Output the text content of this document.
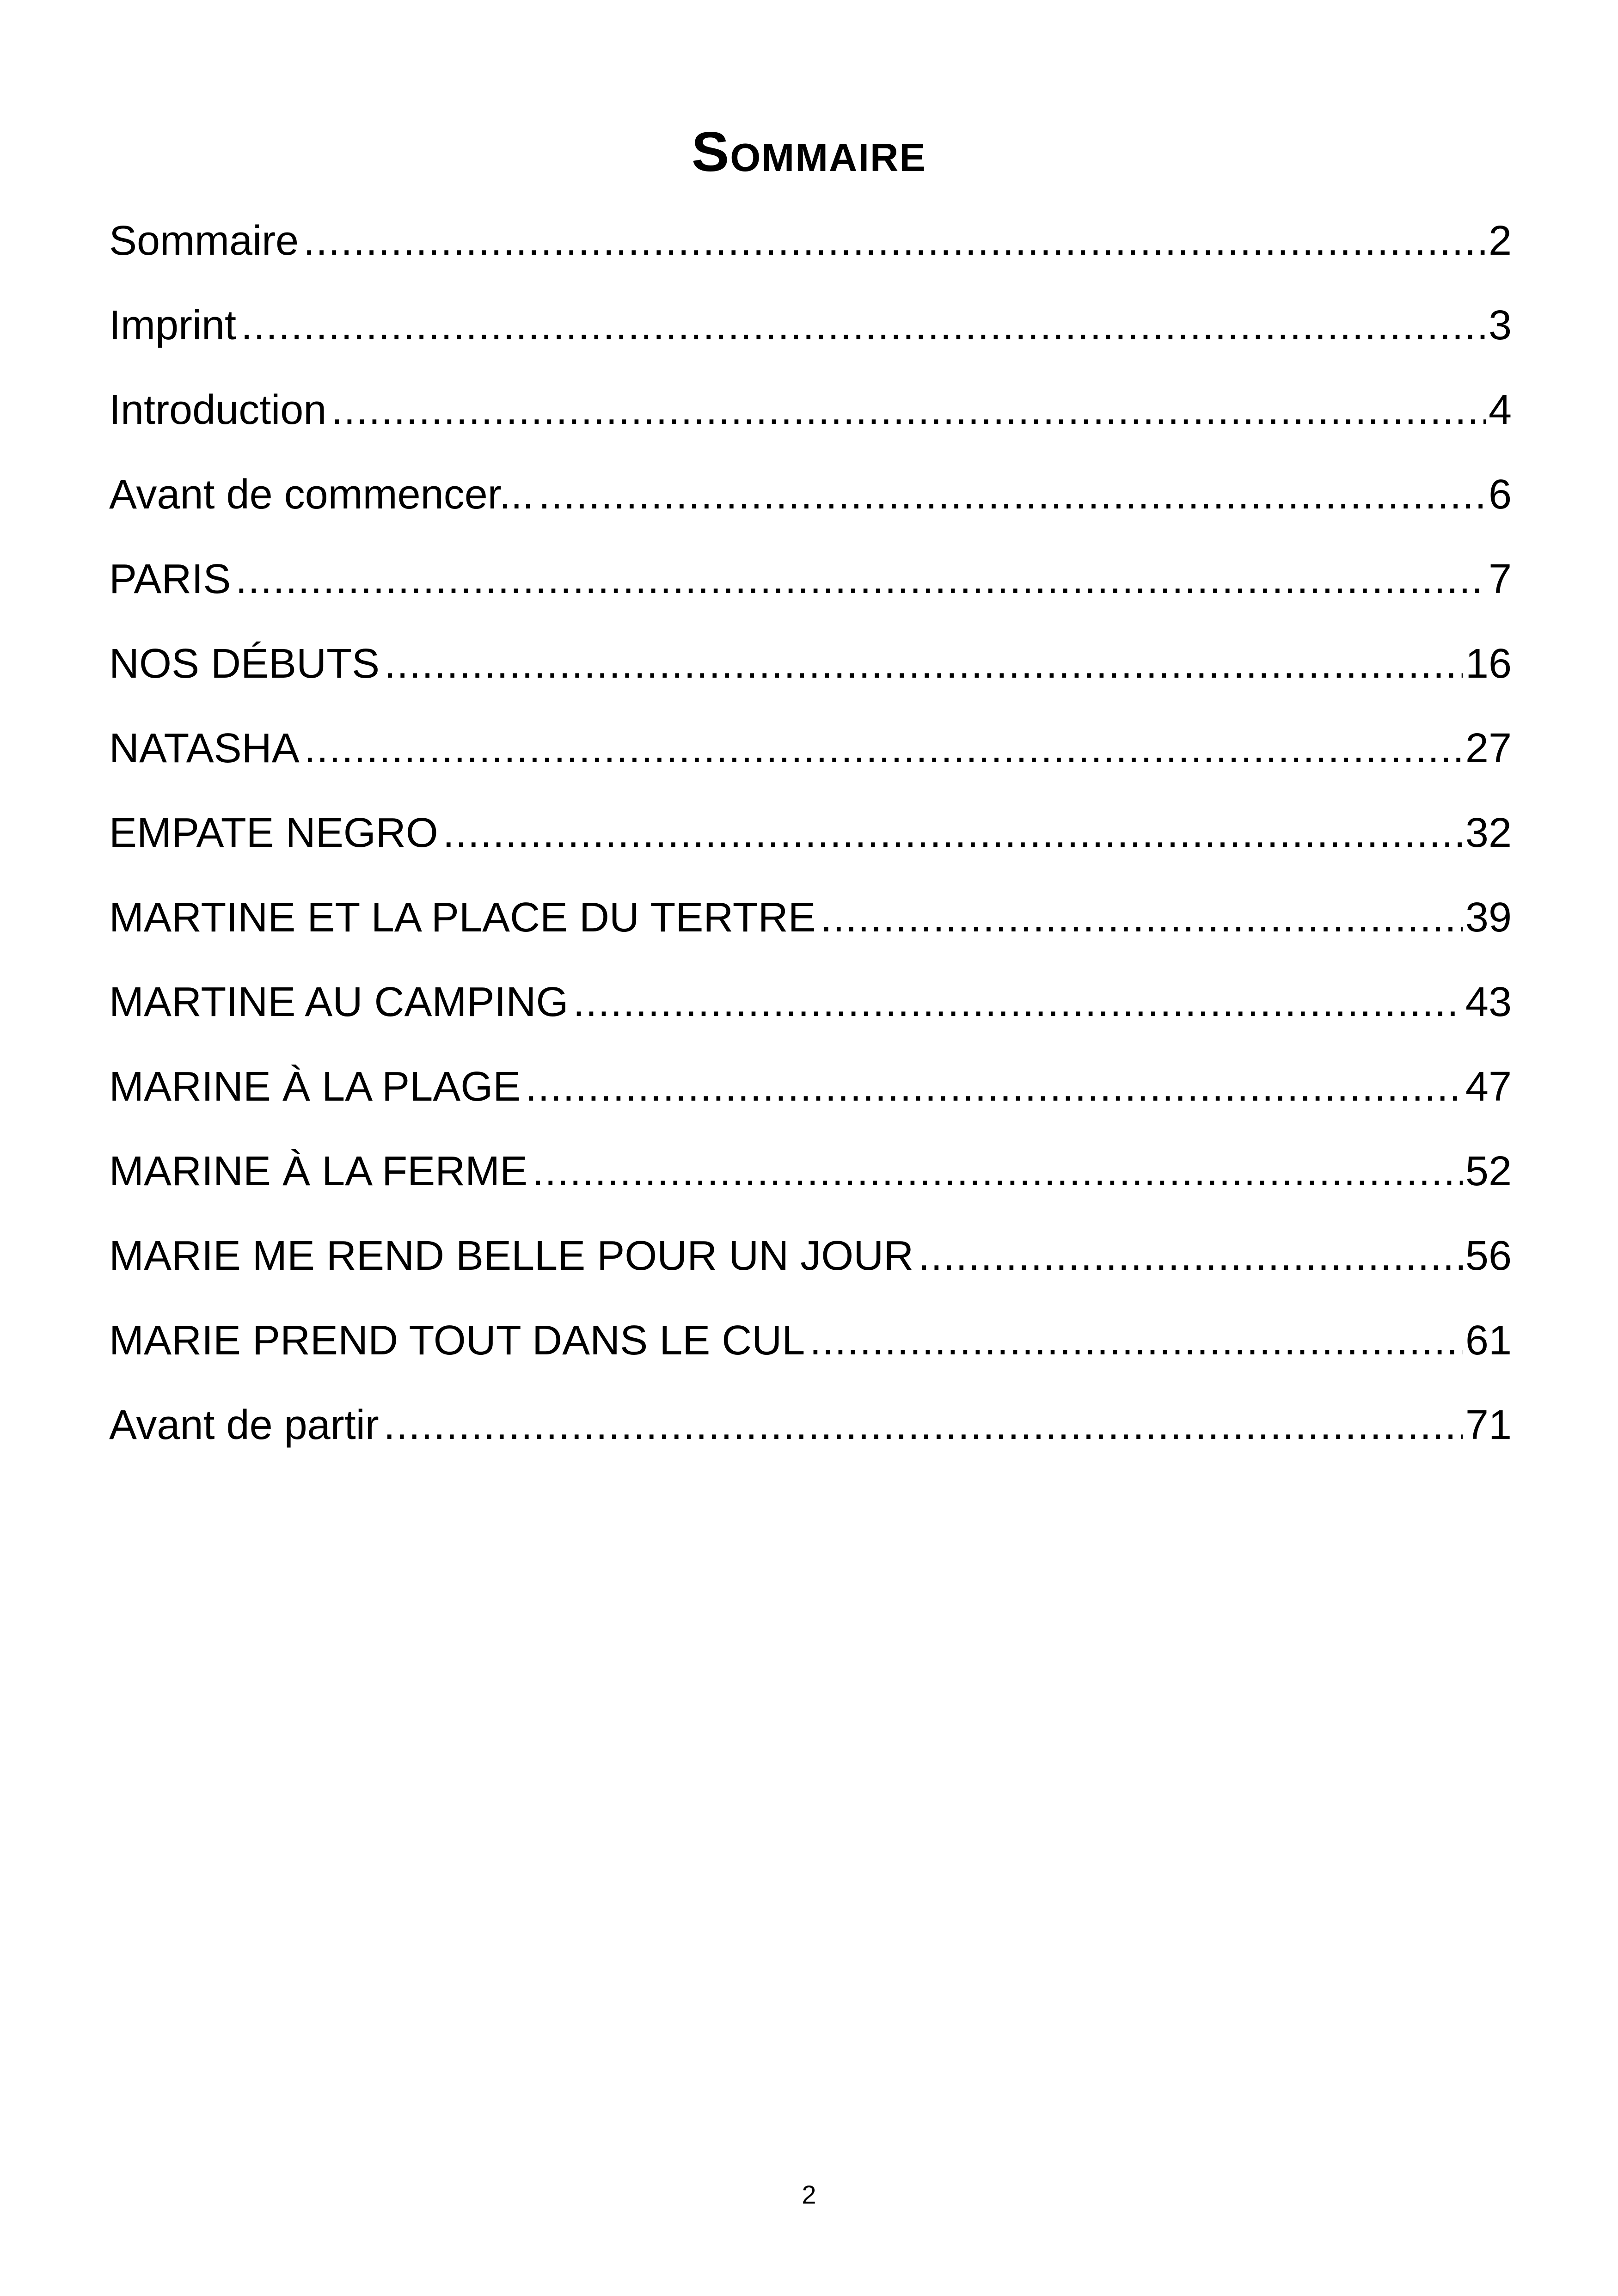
Sommaire
Sommaire .....	2
Imprint .....	3
Introduction .....	4
Avant de commencer... .....	6
PARIS .....	7
NOS DÉBUTS .....	16
NATASHA .....	27
EMPATE NEGRO .....	32
MARTINE ET LA PLACE DU TERTRE .....	39
MARTINE AU CAMPING .....	43
MARINE À LA PLAGE .....	47
MARINE À LA FERME .....	52
MARIE ME REND BELLE POUR UN JOUR .....	56
MARIE PREND TOUT DANS LE CUL .....	61
Avant de partir .....	71
2
